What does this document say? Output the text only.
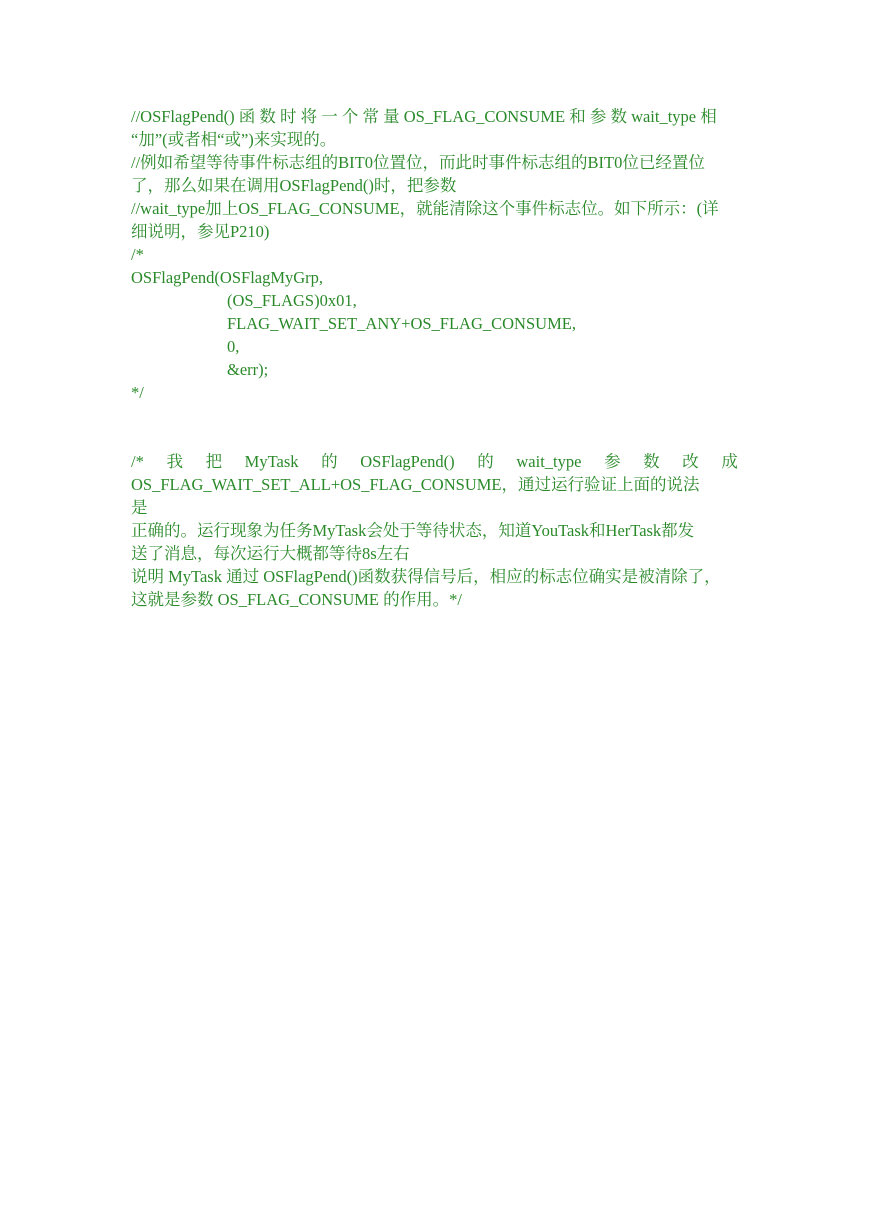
//OSFlagPend() 函 数 时 将 一 个 常 量 OS_FLAG_CONSUME 和 参 数 wait_type 相
“加”(或者相“或”)来实现的。
//例如希望等待事件标志组的BIT0位置位，而此时事件标志组的BIT0位已经置位
了，那么如果在调用OSFlagPend()时，把参数
//wait_type加上OS_FLAG_CONSUME，就能清除这个事件标志位。如下所示：(详
细说明，参见P210)
/*
OSFlagPend(OSFlagMyGrp,
(OS_FLAGS)0x01,
FLAG_WAIT_SET_ANY+OS_FLAG_CONSUME,
0,
&err);
*/
/* 我 把 MyTask 的 OSFlagPend() 的 wait_type 参 数 改 成
OS_FLAG_WAIT_SET_ALL+OS_FLAG_CONSUME，通过运行验证上面的说法
是
正确的。运行现象为任务MyTask会处于等待状态，知道YouTask和HerTask都发
送了消息，每次运行大概都等待8s左右
说明 MyTask 通过 OSFlagPend()函数获得信号后，相应的标志位确实是被清除了，
这就是参数 OS_FLAG_CONSUME 的作用。*/
